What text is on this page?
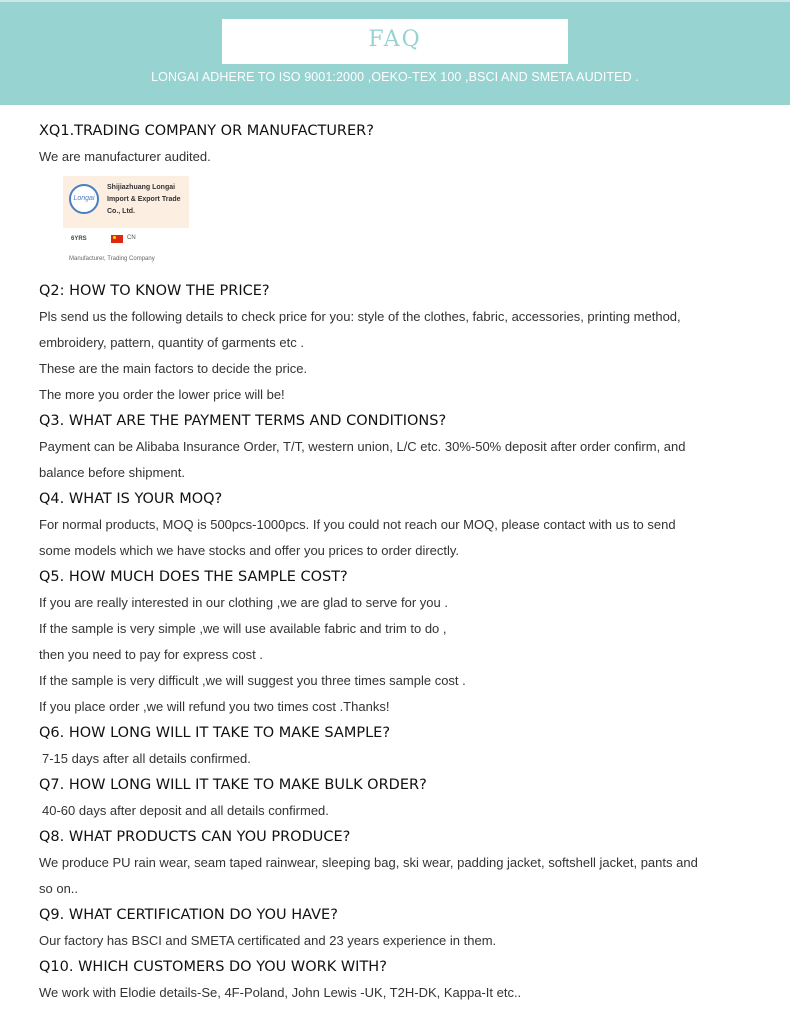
FAQ
LONGAI ADHERE TO ISO 9001:2000 ,OEKO-TEX 100 ,BSCI AND SMETA AUDITED .
XQ1.TRADING COMPANY OR MANUFACTURER?
We are manufacturer audited.
Longai
Shijiazhuang Longai Import & Export Trade Co., Ltd.
6YRS	CN
Manufacturer, Trading Company
Q2: HOW TO KNOW THE PRICE?
Pls send us the following details to check price for you: style of the clothes, fabric, accessories, printing method,
embroidery, pattern, quantity of garments etc .
These are the main factors to decide the price.
The more you order the lower price will be!
Q3. WHAT ARE THE PAYMENT TERMS AND CONDITIONS?
Payment can be Alibaba Insurance Order, T/T, western union, L/C etc. 30%-50% deposit after order confirm, and
balance before shipment.
Q4. WHAT IS YOUR MOQ?
For normal products, MOQ is 500pcs-1000pcs. If you could not reach our MOQ, please contact with us to send
some models which we have stocks and offer you prices to order directly.
Q5. HOW MUCH DOES THE SAMPLE COST?
If you are really interested in our clothing ,we are glad to serve for you .
If the sample is very simple ,we will use available fabric and trim to do ,
then you need to pay for express cost .
If the sample is very difficult ,we will suggest you three times sample cost .
If you place order ,we will refund you two times cost .Thanks!
Q6. HOW LONG WILL IT TAKE TO MAKE SAMPLE?
7-15 days after all details confirmed.
Q7. HOW LONG WILL IT TAKE TO MAKE BULK ORDER?
40-60 days after deposit and all details confirmed.
Q8. WHAT PRODUCTS CAN YOU PRODUCE?
We produce PU rain wear, seam taped rainwear, sleeping bag, ski wear, padding jacket, softshell jacket, pants and
so on..
Q9. WHAT CERTIFICATION DO YOU HAVE?
Our factory has BSCI and SMETA certificated and 23 years experience in them.
Q10. WHICH CUSTOMERS DO YOU WORK WITH?
We work with Elodie details-Se, 4F-Poland, John Lewis -UK, T2H-DK, Kappa-It etc..
